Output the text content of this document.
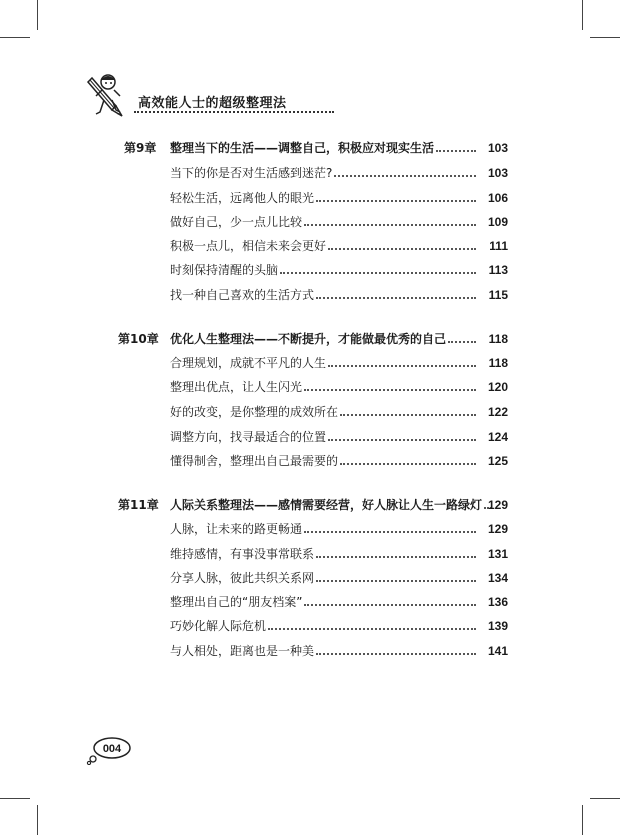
高效能人士的超级整理法
第9章 整理当下的生活——调整自己，积极应对现实生活	103
当下的你是否对生活感到迷茫?	103
轻松生活，远离他人的眼光	106
做好自己，少一点儿比较	109
积极一点儿，相信未来会更好	111
时刻保持清醒的头脑	113
找一种自己喜欢的生活方式	115
第10章 优化人生整理法——不断提升，才能做最优秀的自己	118
合理规划，成就不平凡的人生	118
整理出优点，让人生闪光	120
好的改变，是你整理的成效所在	122
调整方向，找寻最适合的位置	124
懂得制舍，整理出自己最需要的	125
第11章 人际关系整理法——感情需要经营，好人脉让人生一路绿灯 129
人脉，让未来的路更畅通	129
维持感情，有事没事常联系	131
分享人脉，彼此共织关系网	134
整理出自己的“朋友档案”	136
巧妙化解人际危机	139
与人相处，距离也是一种美	141
004
